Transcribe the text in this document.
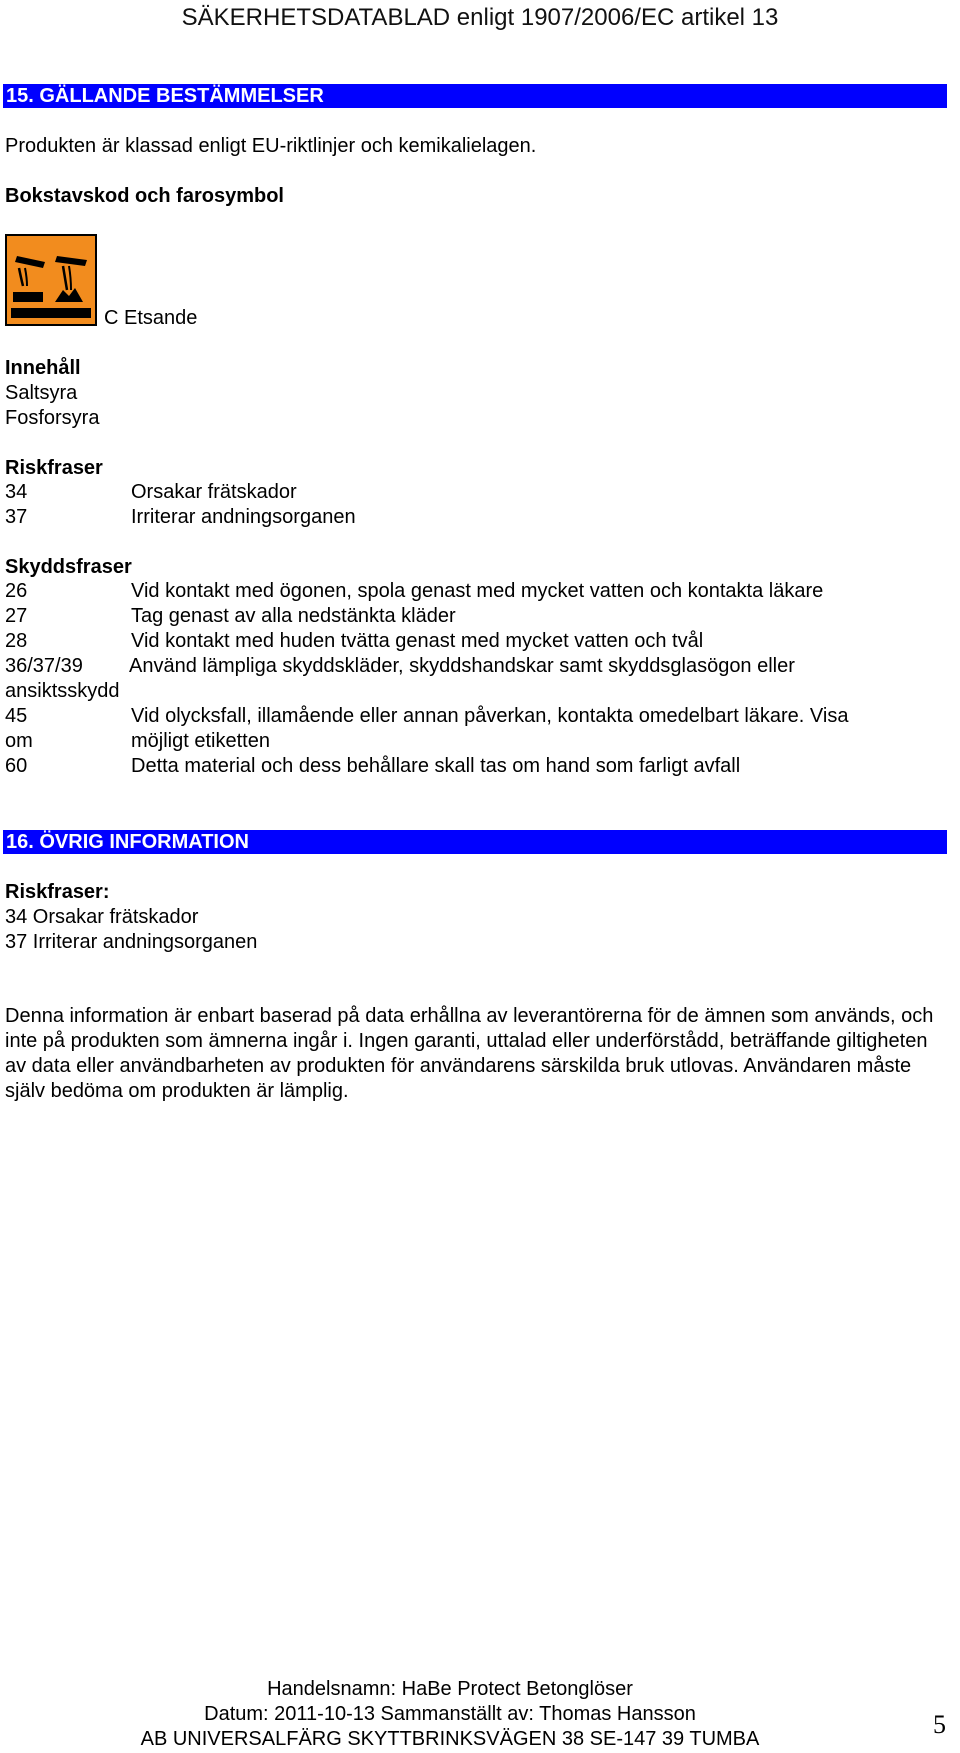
SÄKERHETSDATABLAD enligt 1907/2006/EC artikel 13
15. GÄLLANDE BESTÄMMELSER
Produkten är klassad enligt EU-riktlinjer och kemikalielagen.
Bokstavskod och farosymbol
C Etsande
Innehåll
Saltsyra
Fosforsyra
Riskfraser
34	Orsakar frätskador
37	Irriterar andningsorganen
Skyddsfraser
26	Vid kontakt med ögonen, spola genast med mycket vatten och kontakta läkare
27	Tag genast av alla nedstänkta kläder
28	Vid kontakt med huden tvätta genast med mycket vatten och tvål
36/37/39 Använd lämpliga skyddskläder, skyddshandskar samt skyddsglasögon eller
ansiktsskydd
45	Vid olycksfall, illamående eller annan påverkan, kontakta omedelbart läkare. Visa
om	möjligt etiketten
60	Detta material och dess behållare skall tas om hand som farligt avfall
16. ÖVRIG INFORMATION
Riskfraser:
34 Orsakar frätskador
37 Irriterar andningsorganen
Denna information är enbart baserad på data erhållna av leverantörerna för de ämnen som används, och inte på produkten som ämnerna ingår i. Ingen garanti, uttalad eller underförstådd, beträffande giltigheten av data eller användbarheten av produkten för användarens särskilda bruk utlovas. Användaren måste själv bedöma om produkten är lämplig.
Handelsnamn: HaBe Protect Betonglöser
Datum: 2011-10-13 Sammanställt av: Thomas Hansson
AB UNIVERSALFÄRG SKYTTBRINKSVÄGEN 38 SE-147 39 TUMBA	5
